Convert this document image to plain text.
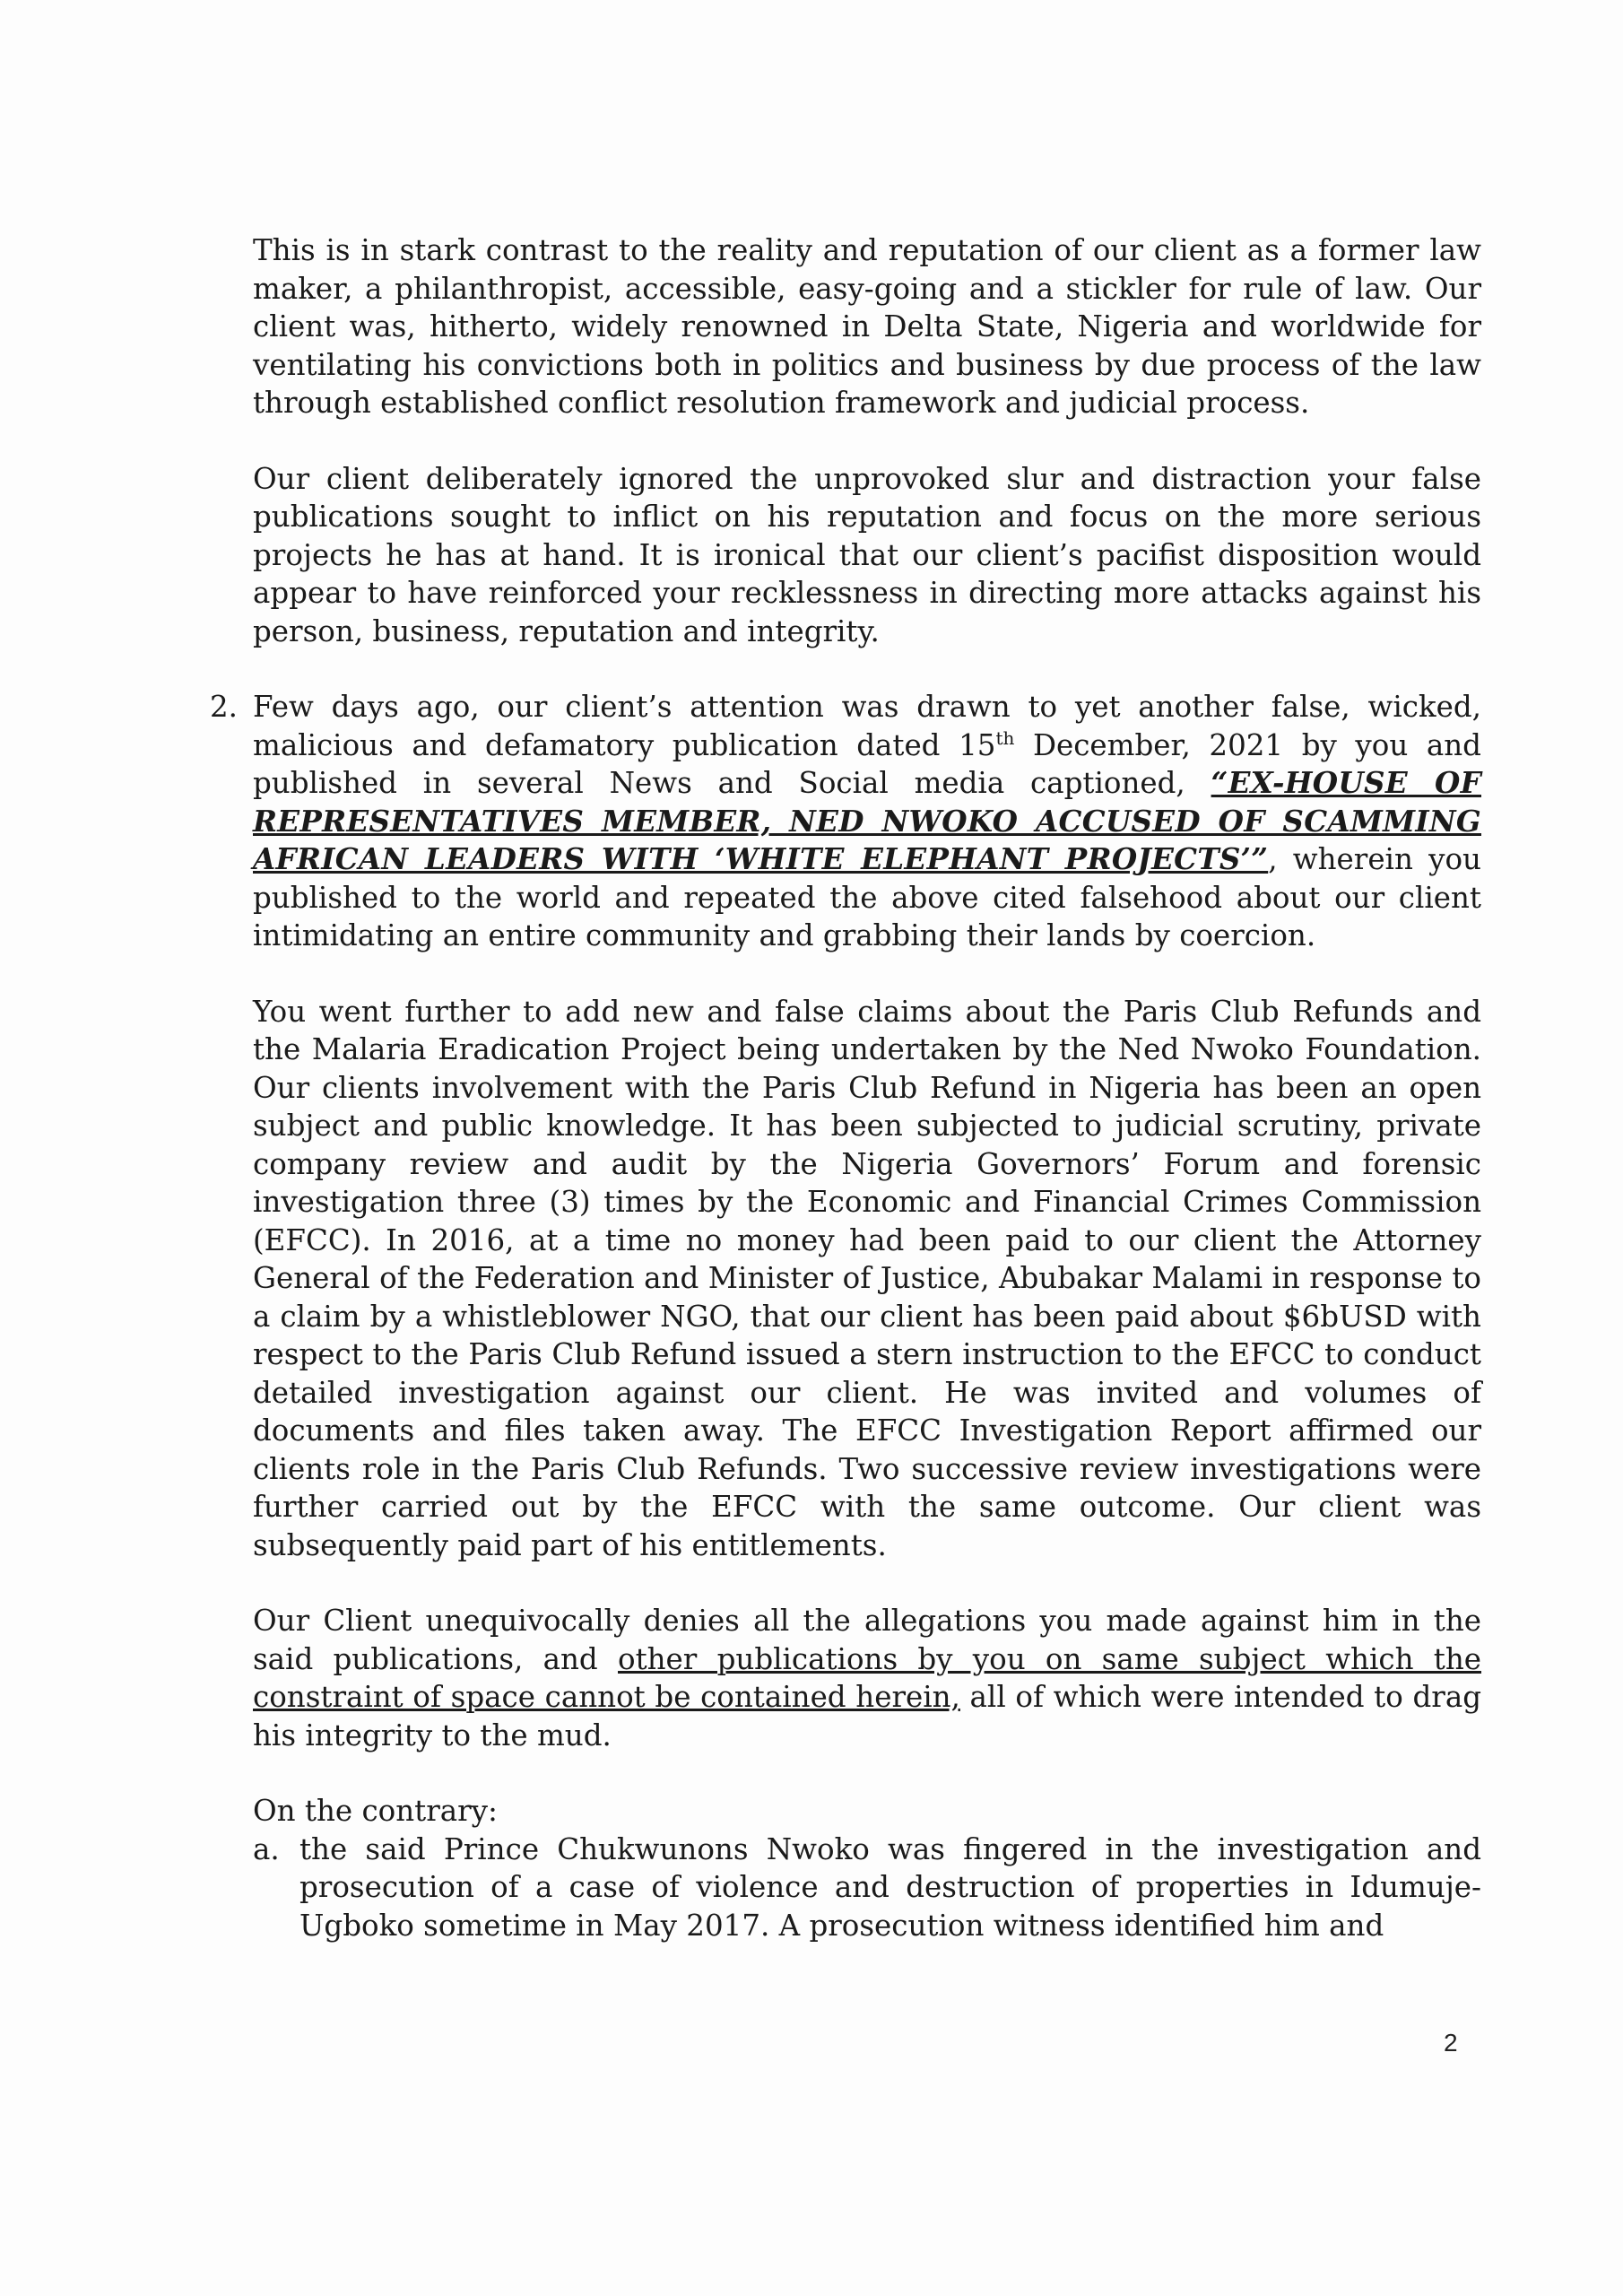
This is in stark contrast to the reality and reputation of our client as a former law maker, a philanthropist, accessible, easy-going and a stickler for rule of law. Our client was, hitherto, widely renowned in Delta State, Nigeria and worldwide for ventilating his convictions both in politics and business by due process of the law through established conflict resolution framework and judicial process.

Our client deliberately ignored the unprovoked slur and distraction your false publications sought to inflict on his reputation and focus on the more serious projects he has at hand. It is ironical that our client’s pacifist disposition would appear to have reinforced your recklessness in directing more attacks against his person, business, reputation and integrity.

2. Few days ago, our client’s attention was drawn to yet another false, wicked, malicious and defamatory publication dated 15th December, 2021 by you and published in several News and Social media captioned, “EX-HOUSE OF REPRESENTATIVES MEMBER, NED NWOKO ACCUSED OF SCAMMING AFRICAN LEADERS WITH ‘WHITE ELEPHANT PROJECTS’”, wherein you published to the world and repeated the above cited falsehood about our client intimidating an entire community and grabbing their lands by coercion.

You went further to add new and false claims about the Paris Club Refunds and the Malaria Eradication Project being undertaken by the Ned Nwoko Foundation. Our clients involvement with the Paris Club Refund in Nigeria has been an open subject and public knowledge. It has been subjected to judicial scrutiny, private company review and audit by the Nigeria Governors’ Forum and forensic investigation three (3) times by the Economic and Financial Crimes Commission (EFCC). In 2016, at a time no money had been paid to our client the Attorney General of the Federation and Minister of Justice, Abubakar Malami in response to a claim by a whistleblower NGO, that our client has been paid about $6bUSD with respect to the Paris Club Refund issued a stern instruction to the EFCC to conduct detailed investigation against our client. He was invited and volumes of documents and files taken away. The EFCC Investigation Report affirmed our clients role in the Paris Club Refunds. Two successive review investigations were further carried out by the EFCC with the same outcome. Our client was subsequently paid part of his entitlements.

Our Client unequivocally denies all the allegations you made against him in the said publications, and other publications by you on same subject which the constraint of space cannot be contained herein, all of which were intended to drag his integrity to the mud.

On the contrary:

a. the said Prince Chukwunons Nwoko was fingered in the investigation and prosecution of a case of violence and destruction of properties in Idumuje-Ugboko sometime in May 2017. A prosecution witness identified him and

2
